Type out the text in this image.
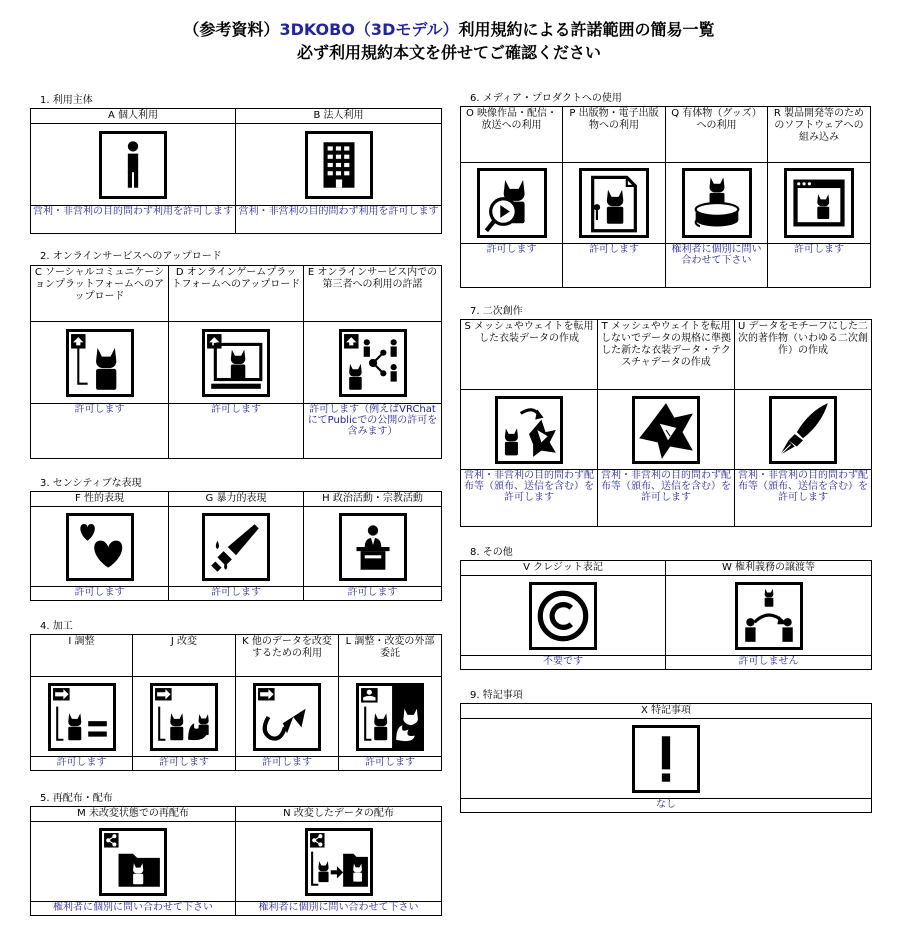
（参考資料）3DKOBO（3Dモデル）利用規約による許諾範囲の簡易一覧
必ず利用規約本文を併せてご確認ください
1. 利用主体
A 個人利用	B 法人利用

営利・非営利の目的問わず利用を許可します	営利・非営利の目的問わず利用を許可します
2. オンラインサービスへのアップロード
C ソーシャルコミュニケーションプラットフォームへのアップロード	D オンラインゲームプラットフォームへのアップロード	E オンラインサービス内での第三者への利用の許諾

許可します	許可します	許可します（例えばVRChatにてPublicでの公開の許可を含みます）
3. センシティブな表現
F 性的表現	G 暴力的表現	H 政治活動・宗教活動

許可します	許可します	許可します
4. 加工
I 調整	J 改変	K 他のデータを改変するための利用	L 調整・改変の外部委託

許可します	許可します	許可します	許可します
5. 再配布・配布
M 未改変状態での再配布	N 改変したデータの配布

権利者に個別に問い合わせて下さい	権利者に個別に問い合わせて下さい
6. メディア・プロダクトへの使用
O 映像作品・配信・放送への利用	P 出版物・電子出版物への利用	Q 有体物（グッズ）への利用	R 製品開発等のためのソフトウェアへの組み込み

許可します	許可します	権利者に個別に問い合わせて下さい	許可します
7. 二次創作
S メッシュやウェイトを転用した衣装データの作成	T メッシュやウェイトを転用しないでデータの規格に準拠した新たな衣装データ・テクスチャデータの作成	U データをモチーフにした二次的著作物（いわゆる二次創作）の作成

営利・非営利の目的問わず配布等（頒布、送信を含む）を許可します	営利・非営利の目的問わず配布等（頒布、送信を含む）を許可します	営利・非営利の目的問わず配布等（頒布、送信を含む）を許可します
8. その他
V クレジット表記	W 権利義務の譲渡等

不要です	許可しません
9. 特記事項
X 特記事項

なし
